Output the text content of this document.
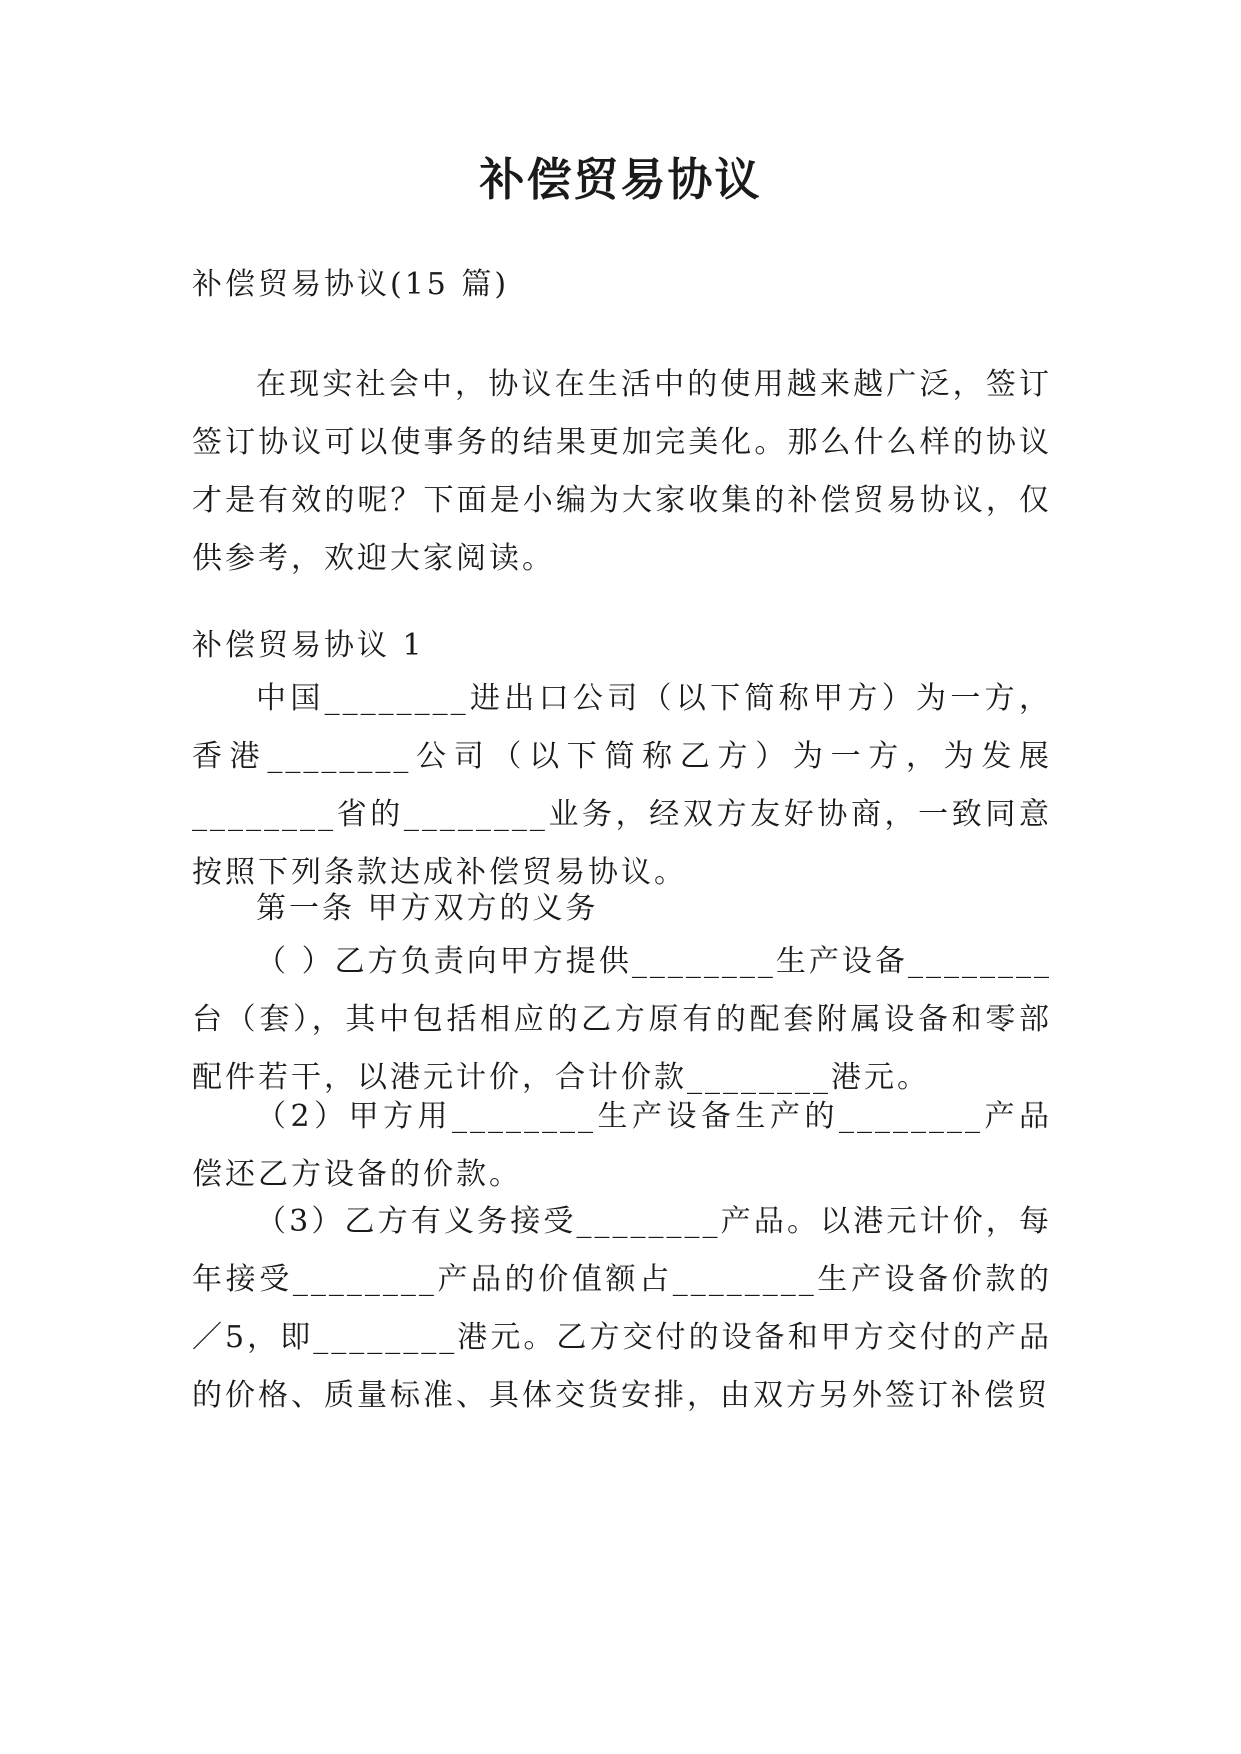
补偿贸易协议

补偿贸易协议(15 篇)

在现实社会中，协议在生活中的使用越来越广泛，签订签订协议可以使事务的结果更加完美化。那么什么样的协议才是有效的呢？下面是小编为大家收集的补偿贸易协议，仅供参考，欢迎大家阅读。

补偿贸易协议 1

中国________进出口公司（以下简称甲方）为一方，香港________公司（以下简称乙方）为一方，为发展________省的________业务，经双方友好协商，一致同意按照下列条款达成补偿贸易协议。

第一条 甲方双方的义务

（ ）乙方负责向甲方提供________生产设备________台（套），其中包括相应的乙方原有的配套附属设备和零部配件若干，以港元计价，合计价款________港元。

（2）甲方用________生产设备生产的________产品偿还乙方设备的价款。

（3）乙方有义务接受________产品。以港元计价，每年接受________产品的价值额占________生产设备价款的／5，即________港元。乙方交付的设备和甲方交付的产品的价格、质量标准、具体交货安排，由双方另外签订补偿贸
